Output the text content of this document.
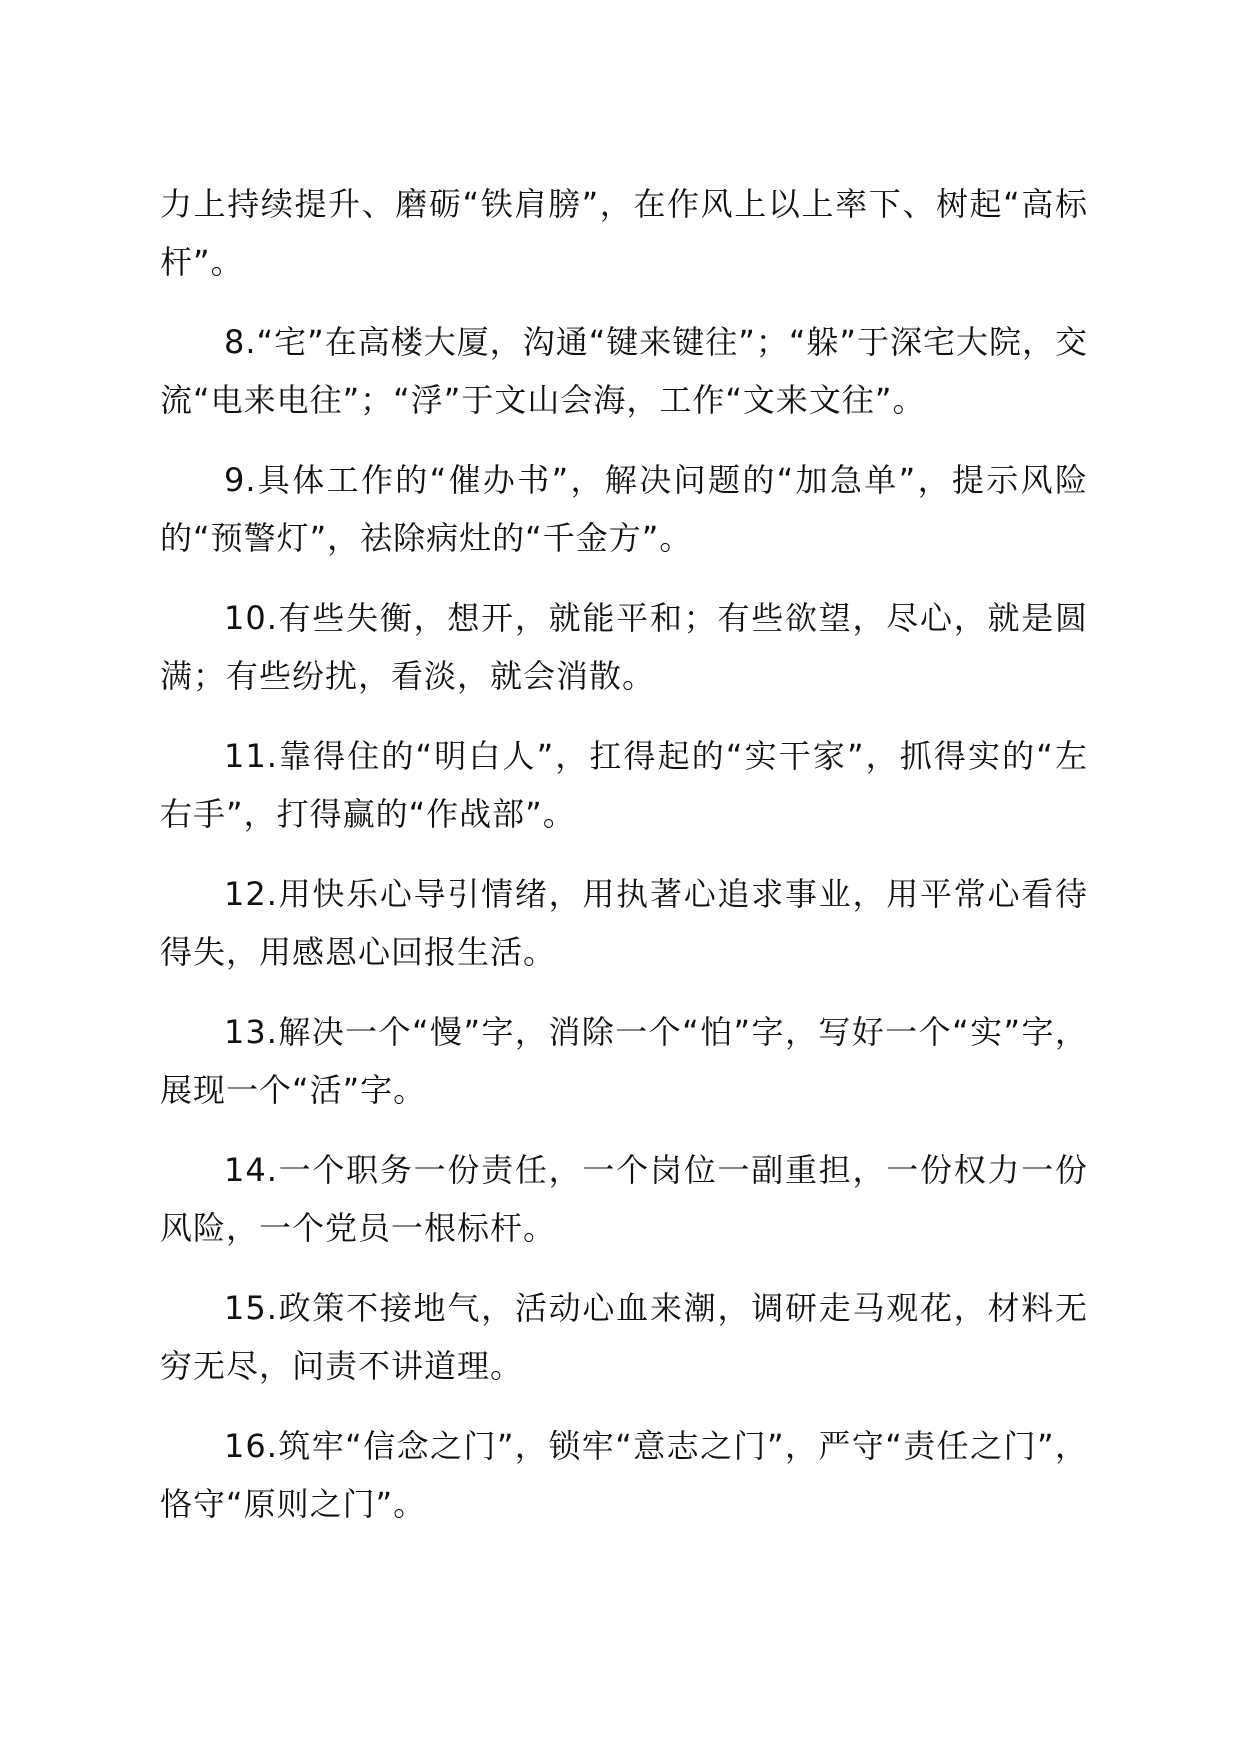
力上持续提升、磨砺“铁肩膀”，在作风上以上率下、树起“高标杆”。

8.“宅”在高楼大厦，沟通“键来键往”；“躲”于深宅大院，交流“电来电往”；“浮”于文山会海，工作“文来文往”。

9.具体工作的“催办书”，解决问题的“加急单”，提示风险的“预警灯”，祛除病灶的“千金方”。

10.有些失衡，想开，就能平和；有些欲望，尽心，就是圆满；有些纷扰，看淡，就会消散。

11.靠得住的“明白人”，扛得起的“实干家”，抓得实的“左右手”，打得赢的“作战部”。

12.用快乐心导引情绪，用执著心追求事业，用平常心看待得失，用感恩心回报生活。

13.解决一个“慢”字，消除一个“怕”字，写好一个“实”字，展现一个“活”字。

14.一个职务一份责任，一个岗位一副重担，一份权力一份风险，一个党员一根标杆。

15.政策不接地气，活动心血来潮，调研走马观花，材料无穷无尽，问责不讲道理。

16.筑牢“信念之门”，锁牢“意志之门”，严守“责任之门”，恪守“原则之门”。
